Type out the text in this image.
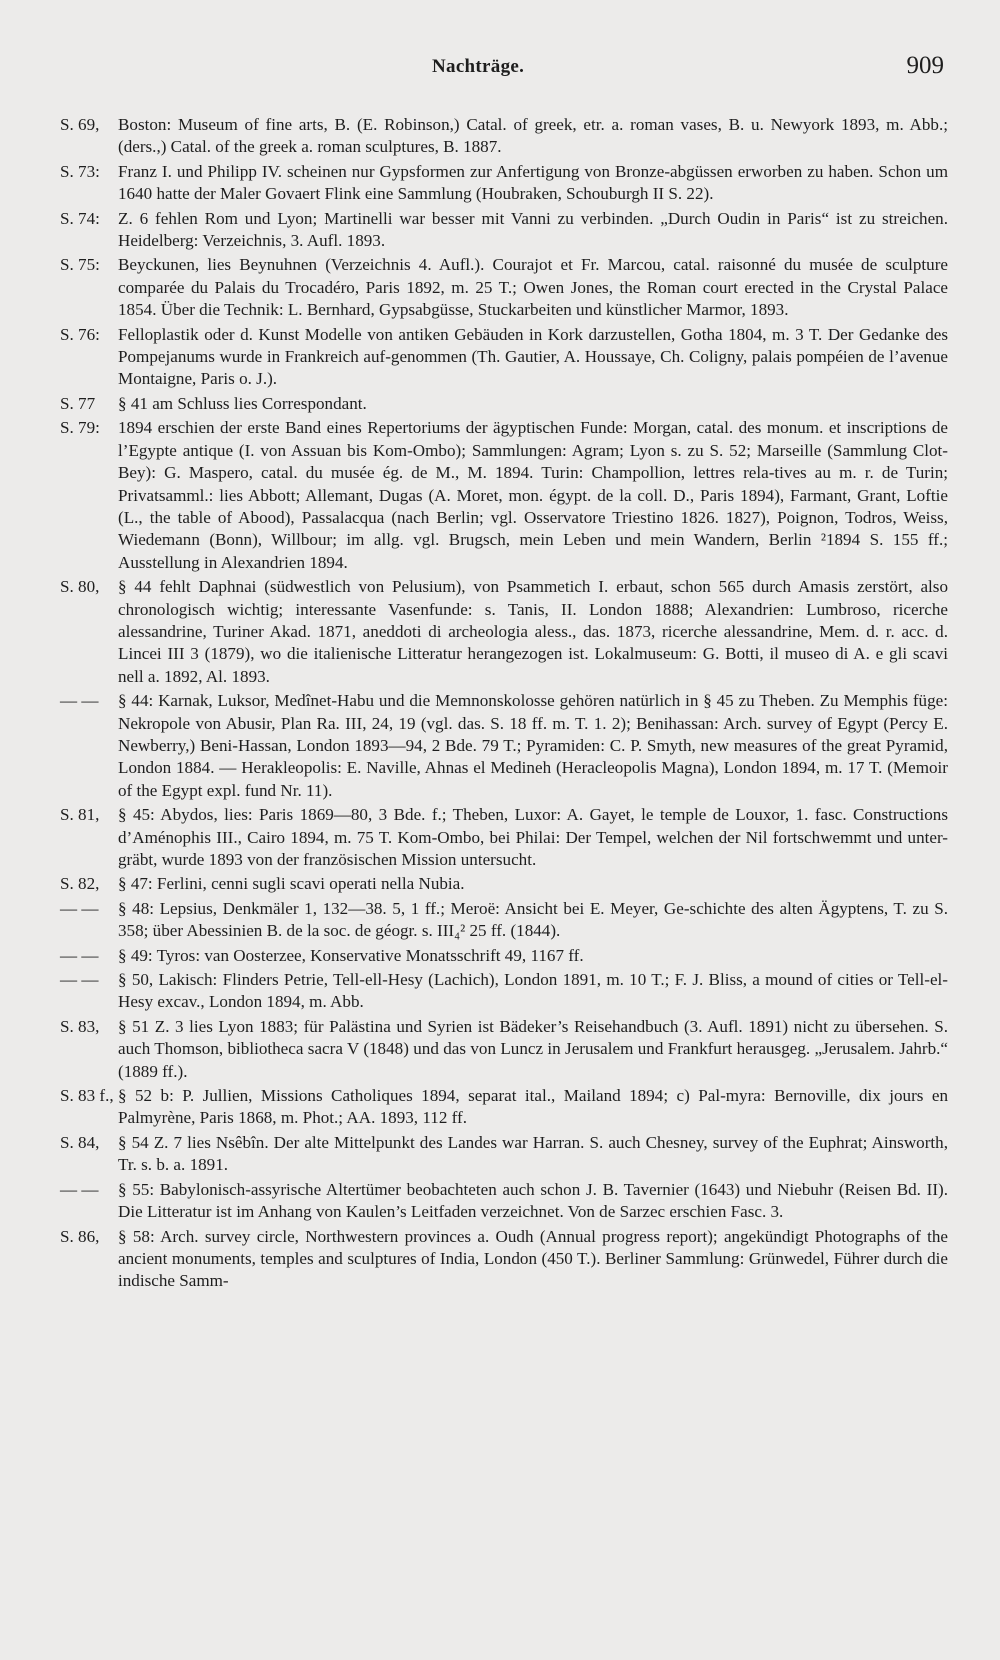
Nachträge.	909

S. 69, Boston: Museum of fine arts, B. (E. Robinson,) Catal. of greek, etr. a. roman vases, B. u. Newyork 1893, m. Abb.; (ders.,) Catal. of the greek a. roman sculptures, B. 1887.

S. 73: Franz I. und Philipp IV. scheinen nur Gypsformen zur Anfertigung von Bronze-abgüssen erworben zu haben. Schon um 1640 hatte der Maler Govaert Flink eine Sammlung (Houbraken, Schouburgh II S. 22).

S. 74: Z. 6 fehlen Rom und Lyon; Martinelli war besser mit Vanni zu verbinden. „Durch Oudin in Paris“ ist zu streichen. Heidelberg: Verzeichnis, 3. Aufl. 1893.

S. 75: Beyckunen, lies Beynuhnen (Verzeichnis 4. Aufl.). Courajot et Fr. Marcou, catal. raisonné du musée de sculpture comparée du Palais du Trocadéro, Paris 1892, m. 25 T.; Owen Jones, the Roman court erected in the Crystal Palace 1854. Über die Technik: L. Bernhard, Gypsabgüsse, Stuckarbeiten und künstlicher Marmor, 1893.

S. 76: Felloplastik oder d. Kunst Modelle von antiken Gebäuden in Kork darzustellen, Gotha 1804, m. 3 T. Der Gedanke des Pompejanums wurde in Frankreich auf-genommen (Th. Gautier, A. Houssaye, Ch. Coligny, palais pompéien de l’avenue Montaigne, Paris o. J.).

S. 77 § 41 am Schluss lies Correspondant.

S. 79: 1894 erschien der erste Band eines Repertoriums der ägyptischen Funde: Morgan, catal. des monum. et inscriptions de l’Egypte antique (I. von Assuan bis Kom-Ombo); Sammlungen: Agram; Lyon s. zu S. 52; Marseille (Sammlung Clot-Bey): G. Maspero, catal. du musée ég. de M., M. 1894. Turin: Champollion, lettres rela-tives au m. r. de Turin; Privatsamml.: lies Abbott; Allemant, Dugas (A. Moret, mon. égypt. de la coll. D., Paris 1894), Farmant, Grant, Loftie (L., the table of Abood), Passalacqua (nach Berlin; vgl. Osservatore Triestino 1826. 1827), Poignon, Todros, Weiss, Wiedemann (Bonn), Willbour; im allg. vgl. Brugsch, mein Leben und mein Wandern, Berlin ²1894 S. 155 ff.; Ausstellung in Alexandrien 1894.

S. 80, § 44 fehlt Daphnai (südwestlich von Pelusium), von Psammetich I. erbaut, schon 565 durch Amasis zerstört, also chronologisch wichtig; interessante Vasenfunde: s. Tanis, II. London 1888; Alexandrien: Lumbroso, ricerche alessandrine, Turiner Akad. 1871, aneddoti di archeologia aless., das. 1873, ricerche alessandrine, Mem. d. r. acc. d. Lincei III 3 (1879), wo die italienische Litteratur herangezogen ist. Lokalmuseum: G. Botti, il museo di A. e gli scavi nell a. 1892, Al. 1893.

— — § 44: Karnak, Luksor, Medînet-Habu und die Memnonskolosse gehören natürlich in § 45 zu Theben. Zu Memphis füge: Nekropole von Abusir, Plan Ra. III, 24, 19 (vgl. das. S. 18 ff. m. T. 1. 2); Benihassan: Arch. survey of Egypt (Percy E. Newberry,) Beni-Hassan, London 1893—94, 2 Bde. 79 T.; Pyramiden: C. P. Smyth, new measures of the great Pyramid, London 1884. — Herakleopolis: E. Naville, Ahnas el Medineh (Heracleopolis Magna), London 1894, m. 17 T. (Memoir of the Egypt expl. fund Nr. 11).

S. 81, § 45: Abydos, lies: Paris 1869—80, 3 Bde. f.; Theben, Luxor: A. Gayet, le temple de Louxor, 1. fasc. Constructions d’Aménophis III., Cairo 1894, m. 75 T. Kom-Ombo, bei Philai: Der Tempel, welchen der Nil fortschwemmt und unter-gräbt, wurde 1893 von der französischen Mission untersucht.

S. 82, § 47: Ferlini, cenni sugli scavi operati nella Nubia.

— — § 48: Lepsius, Denkmäler 1, 132—38. 5, 1 ff.; Meroë: Ansicht bei E. Meyer, Ge-schichte des alten Ägyptens, T. zu S. 358; über Abessinien B. de la soc. de géogr. s. III₄² 25 ff. (1844).

— — § 49: Tyros: van Oosterzee, Konservative Monatsschrift 49, 1167 ff.

— — § 50, Lakisch: Flinders Petrie, Tell-ell-Hesy (Lachich), London 1891, m. 10 T.; F. J. Bliss, a mound of cities or Tell-el-Hesy excav., London 1894, m. Abb.

S. 83, § 51 Z. 3 lies Lyon 1883; für Palästina und Syrien ist Bädeker’s Reisehandbuch (3. Aufl. 1891) nicht zu übersehen. S. auch Thomson, bibliotheca sacra V (1848) und das von Luncz in Jerusalem und Frankfurt herausgeg. „Jerusalem. Jahrb.“ (1889 ff.).

S. 83 f., § 52 b: P. Jullien, Missions Catholiques 1894, separat ital., Mailand 1894; c) Pal-myra: Bernoville, dix jours en Palmyrène, Paris 1868, m. Phot.; AA. 1893, 112 ff.

S. 84, § 54 Z. 7 lies Nsêbîn. Der alte Mittelpunkt des Landes war Harran. S. auch Chesney, survey of the Euphrat; Ainsworth, Tr. s. b. a. 1891.

— — § 55: Babylonisch-assyrische Altertümer beobachteten auch schon J. B. Tavernier (1643) und Niebuhr (Reisen Bd. II). Die Litteratur ist im Anhang von Kaulen’s Leitfaden verzeichnet. Von de Sarzec erschien Fasc. 3.

S. 86, § 58: Arch. survey circle, Northwestern provinces a. Oudh (Annual progress report); angekündigt Photographs of the ancient monuments, temples and sculptures of India, London (450 T.). Berliner Sammlung: Grünwedel, Führer durch die indische Samm-
